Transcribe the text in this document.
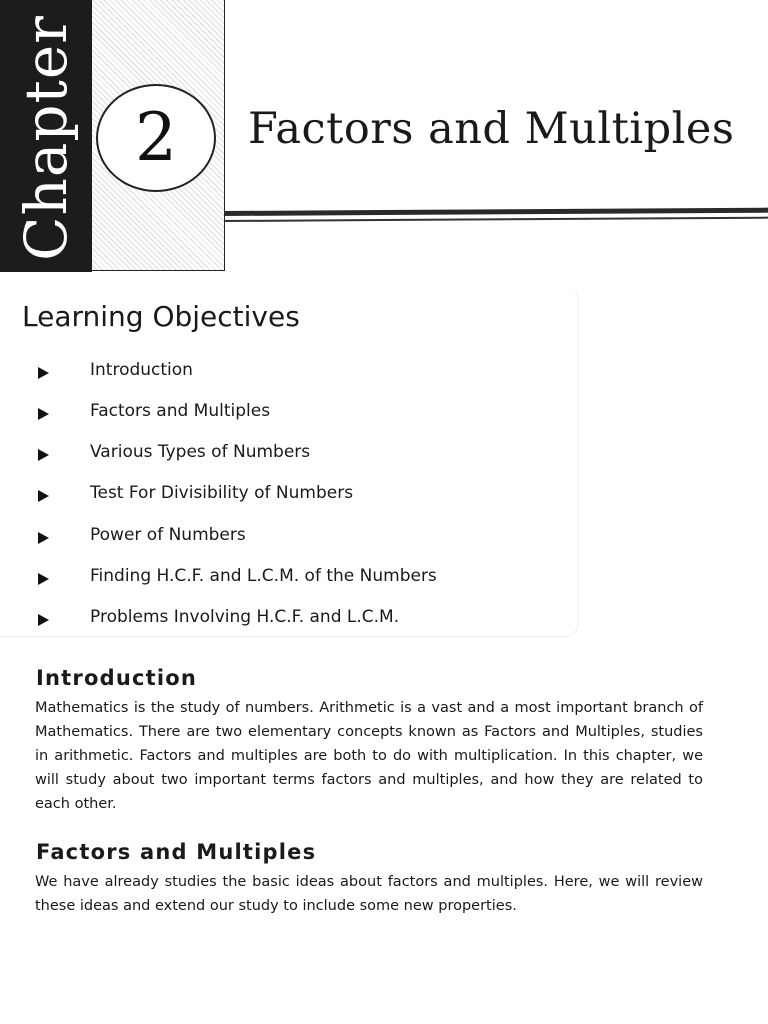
Chapter 2 Factors and Multiples
Learning Objectives
Introduction
Factors and Multiples
Various Types of Numbers
Test For Divisibility of Numbers
Power of Numbers
Finding H.C.F. and L.C.M. of the Numbers
Problems Involving H.C.F. and L.C.M.
Introduction

Mathematics is the study of numbers. Arithmetic is a vast and a most important branch of Mathematics. There are two elementary concepts known as Factors and Multiples, studies in arithmetic. Factors and multiples are both to do with multiplication. In this chapter, we will study about two important terms factors and multiples, and how they are related to each other.

Factors and Multiples

We have already studies the basic ideas about factors and multiples. Here, we will review these ideas and extend our study to include some new properties.
